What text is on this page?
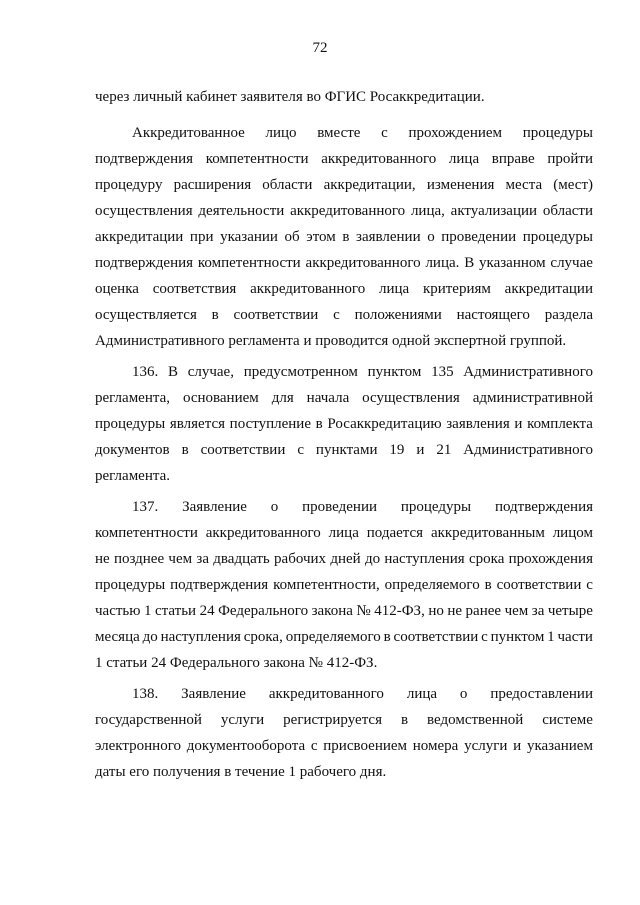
72
через личный кабинет заявителя во ФГИС Росаккредитации.
Аккредитованное лицо вместе с прохождением процедуры
подтверждения компетентности аккредитованного лица вправе пройти
процедуру расширения области аккредитации, изменения места (мест)
осуществления деятельности аккредитованного лица, актуализации области
аккредитации при указании об этом в заявлении о проведении процедуры
подтверждения компетентности аккредитованного лица. В указанном случае
оценка соответствия аккредитованного лица критериям аккредитации
осуществляется в соответствии с положениями настоящего раздела
Административного регламента и проводится одной экспертной группой.
136. В случае, предусмотренном пунктом 135 Административного
регламента, основанием для начала осуществления административной
процедуры является поступление в Росаккредитацию заявления и комплекта
документов в соответствии с пунктами 19 и 21 Административного
регламента.
137. Заявление о проведении процедуры подтверждения
компетентности аккредитованного лица подается аккредитованным лицом
не позднее чем за двадцать рабочих дней до наступления срока прохождения
процедуры подтверждения компетентности, определяемого в соответствии с
частью 1 статьи 24 Федерального закона № 412-ФЗ, но не ранее чем за четыре
месяца до наступления срока, определяемого в соответствии с пунктом 1 части
1 статьи 24 Федерального закона № 412-ФЗ.
138. Заявление аккредитованного лица о предоставлении
государственной услуги регистрируется в ведомственной системе
электронного документооборота с присвоением номера услуги и указанием
даты его получения в течение 1 рабочего дня.
